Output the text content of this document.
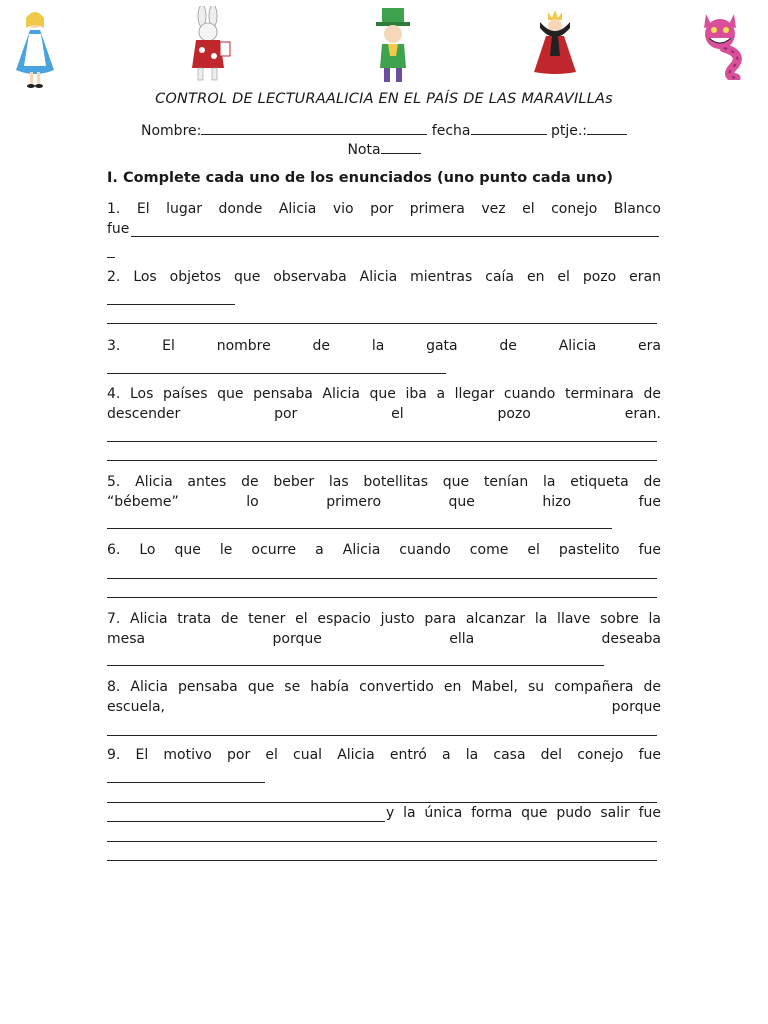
CONTROL DE LECTURAALICIA EN EL PAÍS DE LAS MARAVILLAs
Nombre:	fecha	ptje.:
Nota
I. Complete cada uno de los enunciados (uno punto cada uno)
1. El lugar donde Alicia vio por primera vez el conejo Blanco
fue
2. Los objetos que observaba Alicia mientras caía en el pozo eran
3. El nombre de la gata de Alicia era
4. Los países que pensaba Alicia que iba a llegar cuando terminara de
descender por el pozo eran.
5. Alicia antes de beber las botellitas que tenían la etiqueta de
“bébeme” lo primero que hizo fue
6. Lo que le ocurre a Alicia cuando come el pastelito fue
7. Alicia trata de tener el espacio justo para alcanzar la llave sobre la
mesa porque ella deseaba
8. Alicia pensaba que se había convertido en Mabel, su compañera de
escuela, porque
9. El motivo por el cual Alicia entró a la casa del conejo fue
y la única forma que pudo salir fue
